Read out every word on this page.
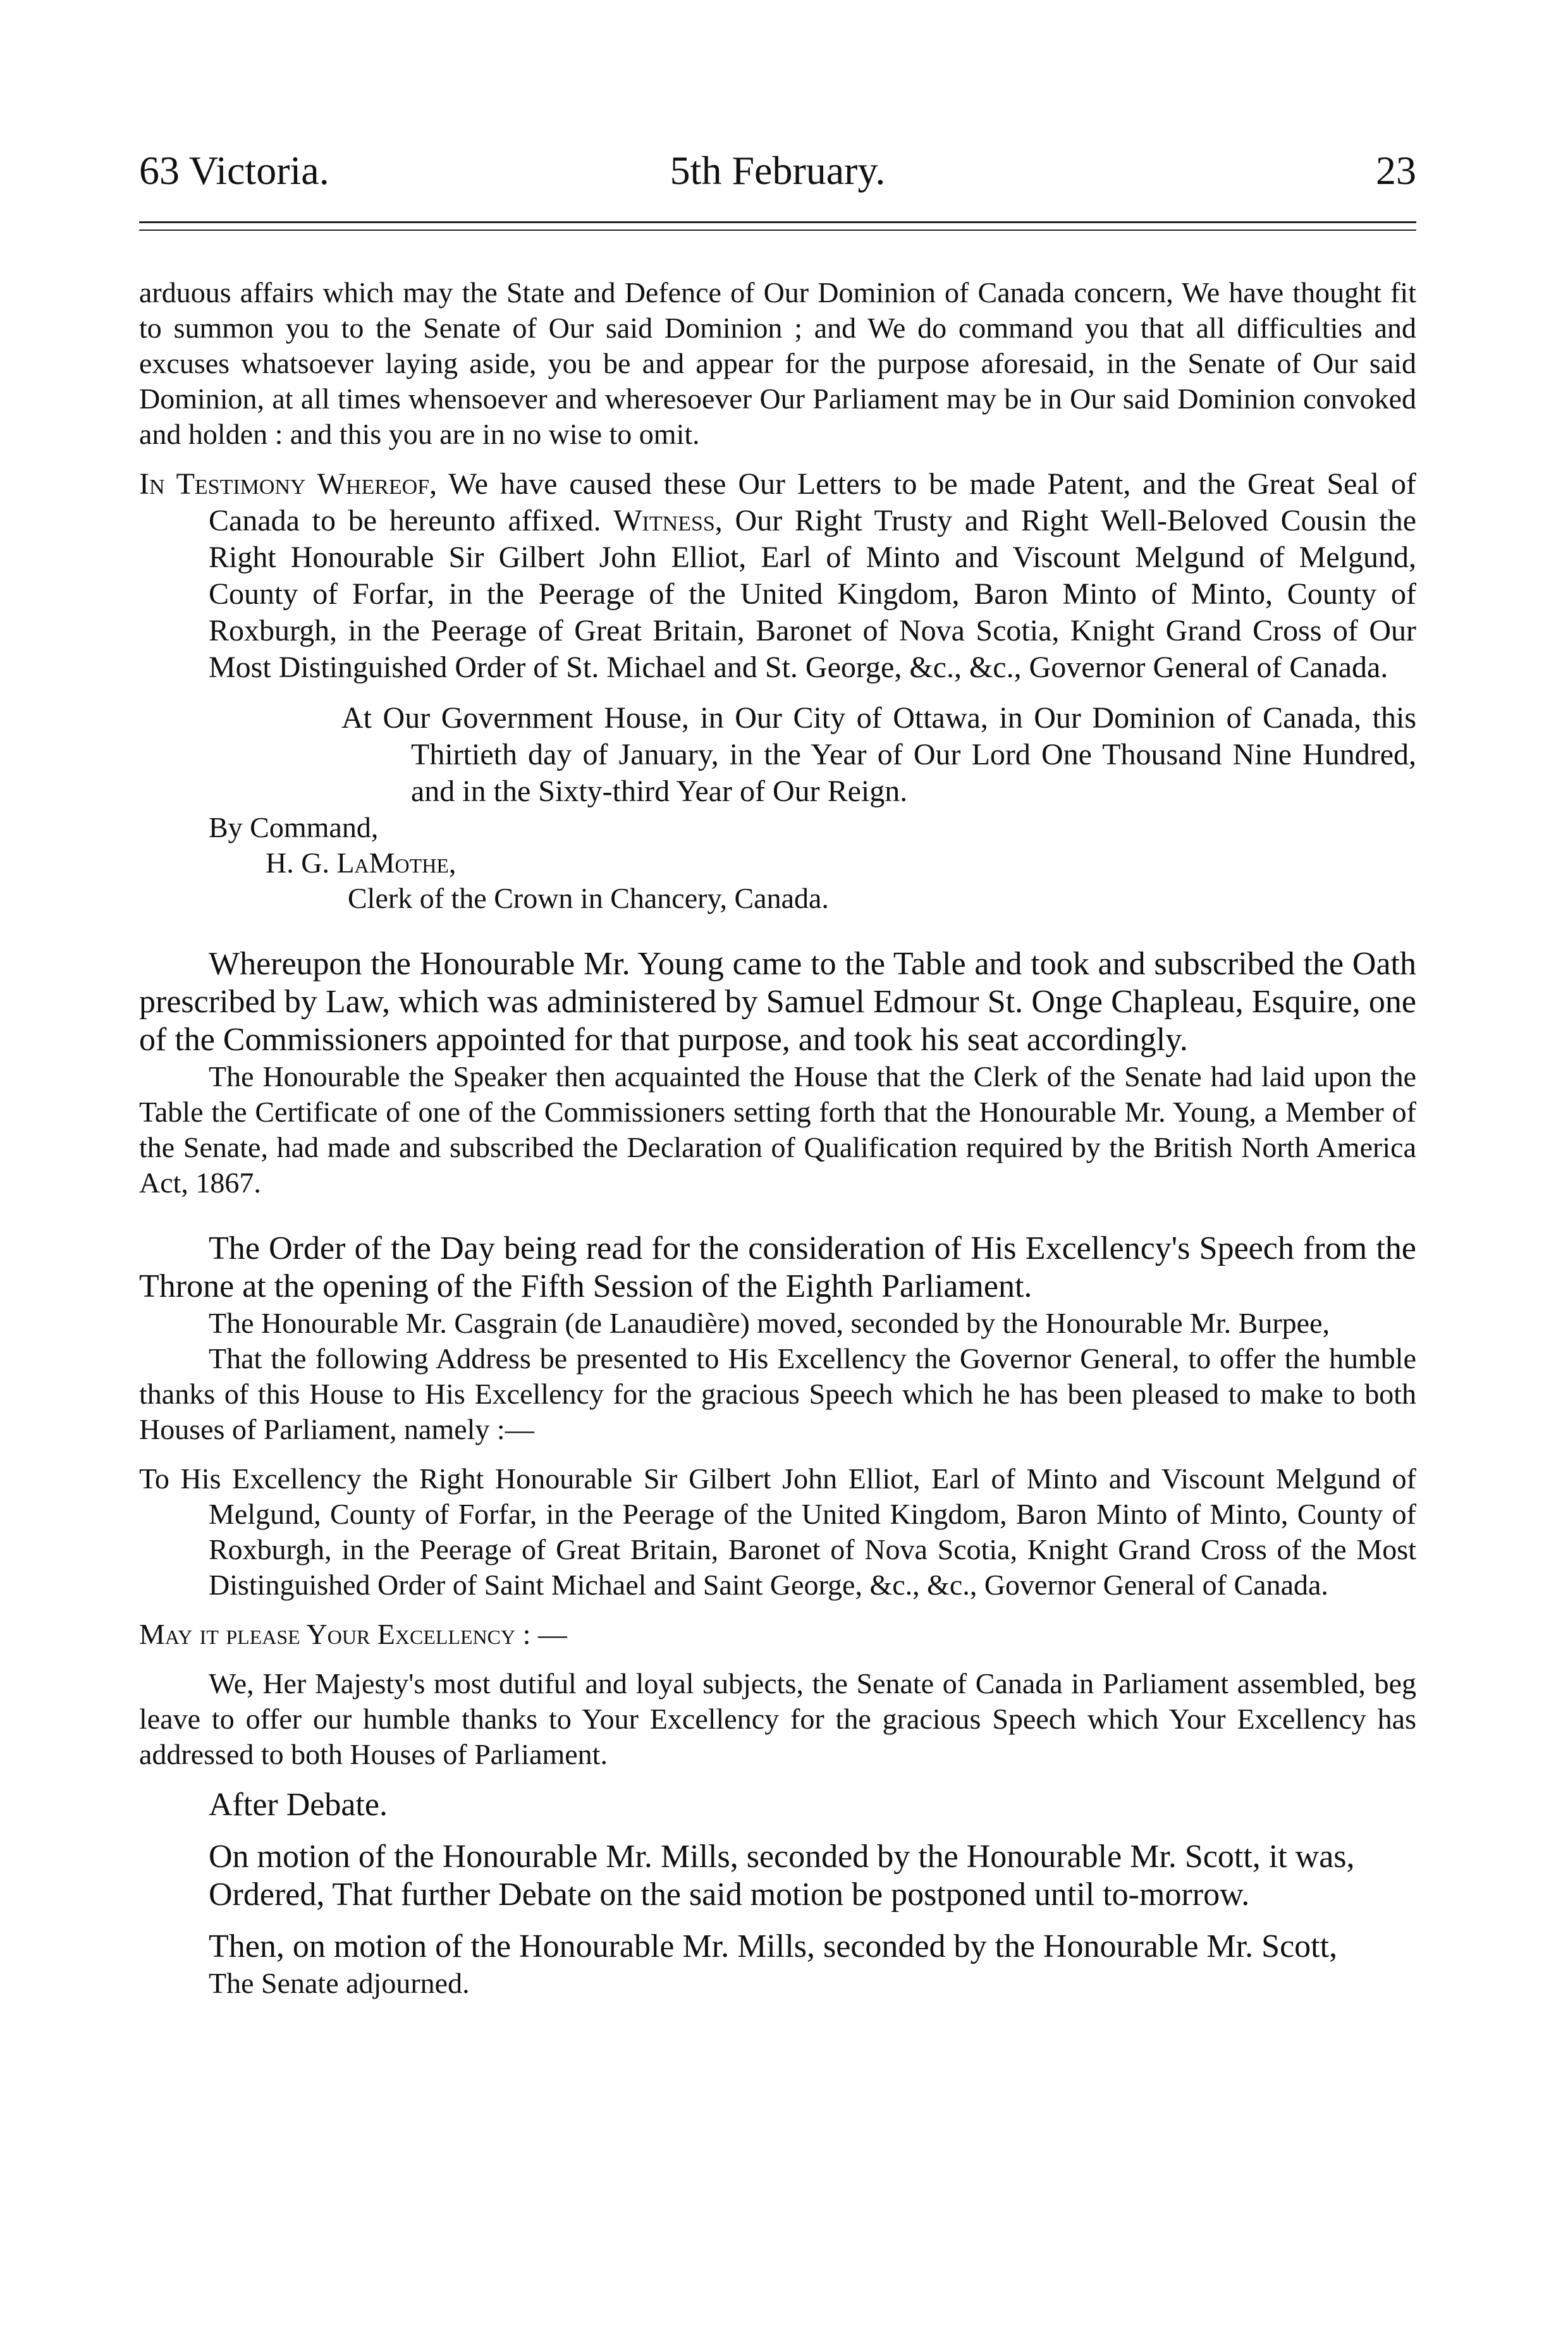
63 Victoria.	5th February.	23

arduous affairs which may the State and Defence of Our Dominion of Canada concern, We have thought fit to summon you to the Senate of Our said Dominion ; and We do command you that all difficulties and excuses whatsoever laying aside, you be and appear for the purpose aforesaid, in the Senate of Our said Dominion, at all times whensoever and wheresoever Our Parliament may be in Our said Dominion convoked and holden : and this you are in no wise to omit.

In Testimony Whereof, We have caused these Our Letters to be made Patent, and the Great Seal of Canada to be hereunto affixed. Witness, Our Right Trusty and Right Well-Beloved Cousin the Right Honourable Sir Gilbert John Elliot, Earl of Minto and Viscount Melgund of Melgund, County of Forfar, in the Peerage of the United Kingdom, Baron Minto of Minto, County of Roxburgh, in the Peerage of Great Britain, Baronet of Nova Scotia, Knight Grand Cross of Our Most Distinguished Order of St. Michael and St. George, &c., &c., Governor General of Canada.

At Our Government House, in Our City of Ottawa, in Our Dominion of Canada, this Thirtieth day of January, in the Year of Our Lord One Thousand Nine Hundred, and in the Sixty-third Year of Our Reign.

By Command,

H. G. LaMothe,

Clerk of the Crown in Chancery, Canada.

Whereupon the Honourable Mr. Young came to the Table and took and subscribed the Oath prescribed by Law, which was administered by Samuel Edmour St. Onge Chapleau, Esquire, one of the Commissioners appointed for that purpose, and took his seat accordingly.

The Honourable the Speaker then acquainted the House that the Clerk of the Senate had laid upon the Table the Certificate of one of the Commissioners setting forth that the Honourable Mr. Young, a Member of the Senate, had made and subscribed the Declaration of Qualification required by the British North America Act, 1867.

The Order of the Day being read for the consideration of His Excellency's Speech from the Throne at the opening of the Fifth Session of the Eighth Parliament.

The Honourable Mr. Casgrain (de Lanaudière) moved, seconded by the Honourable Mr. Burpee,

That the following Address be presented to His Excellency the Governor General, to offer the humble thanks of this House to His Excellency for the gracious Speech which he has been pleased to make to both Houses of Parliament, namely :—

To His Excellency the Right Honourable Sir Gilbert John Elliot, Earl of Minto and Viscount Melgund of Melgund, County of Forfar, in the Peerage of the United Kingdom, Baron Minto of Minto, County of Roxburgh, in the Peerage of Great Britain, Baronet of Nova Scotia, Knight Grand Cross of the Most Distinguished Order of Saint Michael and Saint George, &c., &c., Governor General of Canada.

May it please Your Excellency : —

We, Her Majesty's most dutiful and loyal subjects, the Senate of Canada in Parliament assembled, beg leave to offer our humble thanks to Your Excellency for the gracious Speech which Your Excellency has addressed to both Houses of Parliament.

After Debate.

On motion of the Honourable Mr. Mills, seconded by the Honourable Mr. Scott, it was,

Ordered, That further Debate on the said motion be postponed until to-morrow.

Then, on motion of the Honourable Mr. Mills, seconded by the Honourable Mr. Scott,

The Senate adjourned.
